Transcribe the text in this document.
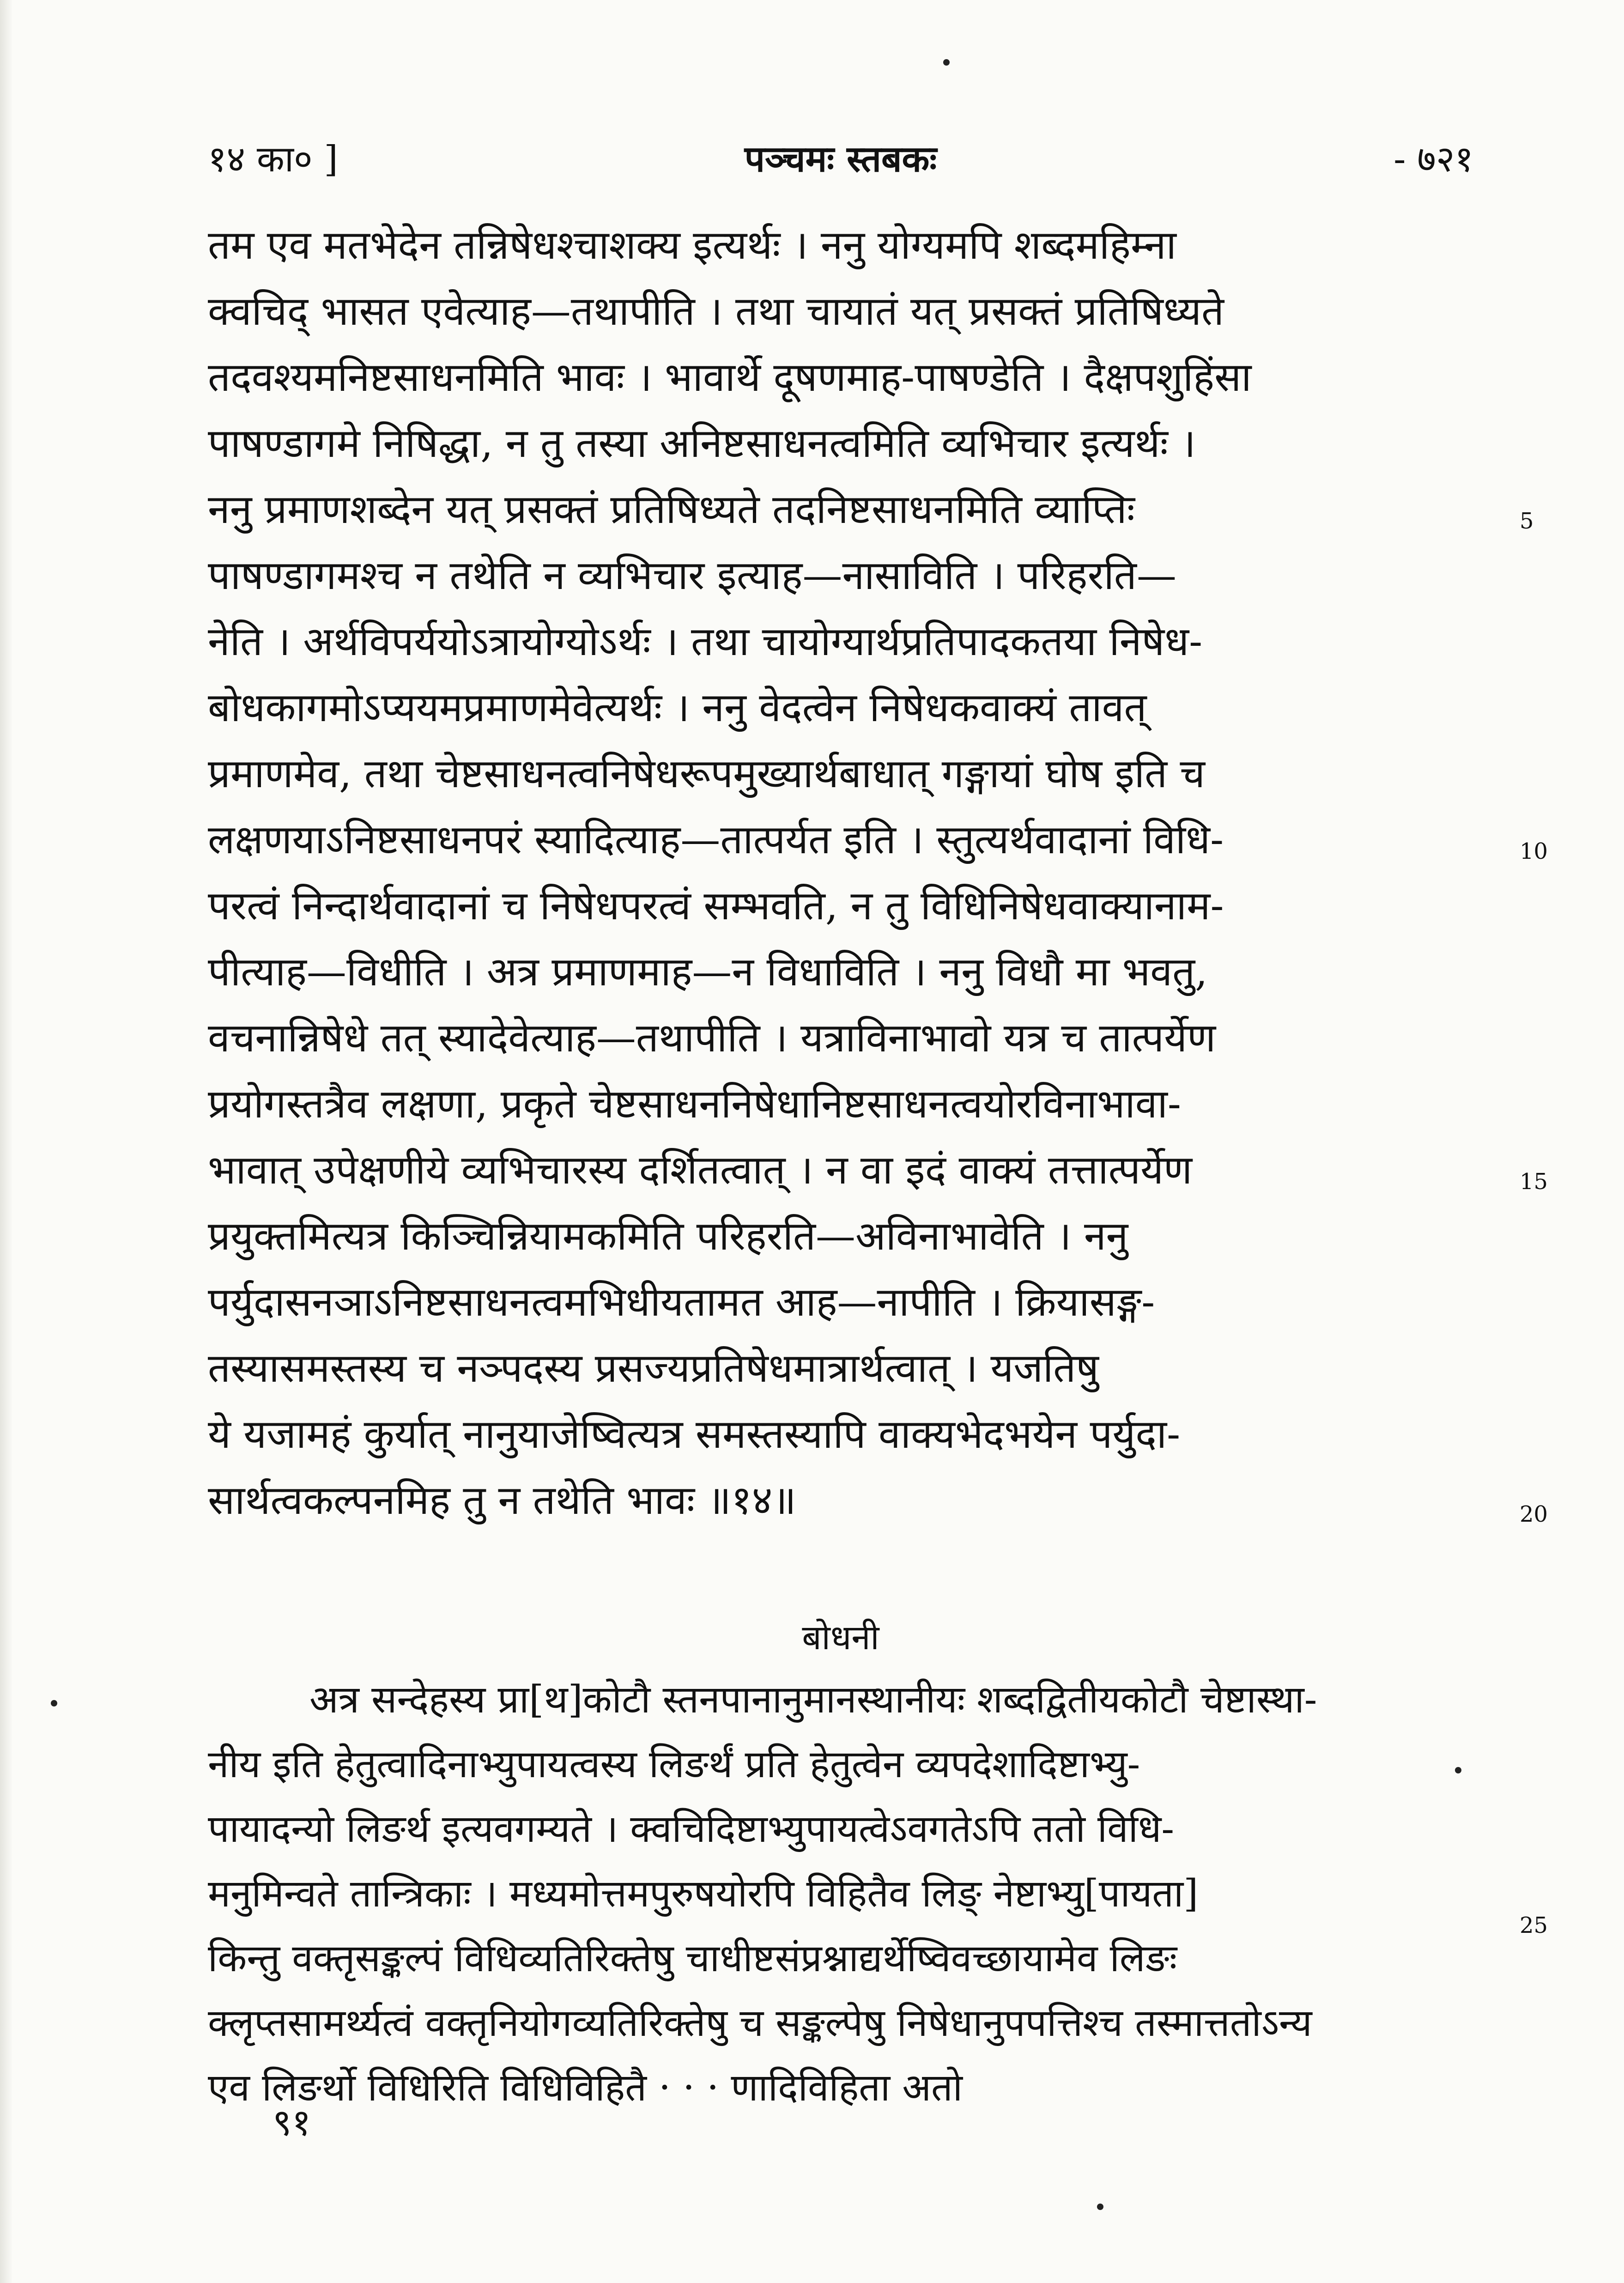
१४ का० ]	पञ्चमः स्तबकः	- ७२१
तम एव मतभेदेन तन्निषेधश्चाशक्य इत्यर्थः । ननु योग्यमपि शब्दमहिम्ना
क्वचिद् भासत एवेत्याह—तथापीति । तथा चायातं यत् प्रसक्तं प्रतिषिध्यते
तदवश्यमनिष्टसाधनमिति भावः । भावार्थे दूषणमाह-पाषण्डेति । दैक्षपशुहिंसा
पाषण्डागमे निषिद्धा, न तु तस्या अनिष्टसाधनत्वमिति व्यभिचार इत्यर्थः ।
ननु प्रमाणशब्देन यत् प्रसक्तं प्रतिषिध्यते तदनिष्टसाधनमिति व्याप्तिः
पाषण्डागमश्च न तथेति न व्यभिचार इत्याह—नासाविति । परिहरति—
नेति । अर्थविपर्ययोऽत्रायोग्योऽर्थः । तथा चायोग्यार्थप्रतिपादकतया निषेध-
बोधकागमोऽप्ययमप्रमाणमेवेत्यर्थः । ननु वेदत्वेन निषेधकवाक्यं तावत्
प्रमाणमेव, तथा चेष्टसाधनत्वनिषेधरूपमुख्यार्थबाधात् गङ्गायां घोष इति च
लक्षणयाऽनिष्टसाधनपरं स्यादित्याह—तात्पर्यत इति । स्तुत्यर्थवादानां विधि-
परत्वं निन्दार्थवादानां च निषेधपरत्वं सम्भवति, न तु विधिनिषेधवाक्यानाम-
पीत्याह—विधीति । अत्र प्रमाणमाह—न विधाविति । ननु विधौ मा भवतु,
वचनान्निषेधे तत् स्यादेवेत्याह—तथापीति । यत्राविनाभावो यत्र च तात्पर्येण
प्रयोगस्तत्रैव लक्षणा, प्रकृते चेष्टसाधननिषेधानिष्टसाधनत्वयोरविनाभावा-
भावात् उपेक्षणीये व्यभिचारस्य दर्शितत्वात् । न वा इदं वाक्यं तत्तात्पर्येण
प्रयुक्तमित्यत्र किञ्चिन्नियामकमिति परिहरति—अविनाभावेति । ननु
पर्युदासनञाऽनिष्टसाधनत्वमभिधीयतामत आह—नापीति । क्रियासङ्ग-
तस्यासमस्तस्य च नञ्पदस्य प्रसज्यप्रतिषेधमात्रार्थत्वात् । यजतिषु
ये यजामहं कुर्यात् नानुयाजेष्वित्यत्र समस्तस्यापि वाक्यभेदभयेन पर्युदा-
सार्थत्वकल्पनमिह तु न तथेति भावः ॥१४॥
5
10
15
20
25
बोधनी
अत्र सन्देहस्य प्रा[थ]कोटौ स्तनपानानुमानस्थानीयः शब्दद्वितीयकोटौ चेष्टास्था-
नीय इति हेतुत्वादिनाभ्युपायत्वस्य लिङर्थं प्रति हेतुत्वेन व्यपदेशादिष्टाभ्यु-
पायादन्यो लिङर्थ इत्यवगम्यते । क्वचिदिष्टाभ्युपायत्वेऽवगतेऽपि ततो विधि-
मनुमिन्वते तान्त्रिकाः । मध्यमोत्तमपुरुषयोरपि विहितैव लिङ् नेष्टाभ्यु[पायता]
किन्तु वक्तृसङ्कल्पं विधिव्यतिरिक्तेषु चाधीष्टसंप्रश्नाद्यर्थेष्विवच्छायामेव लिङः
क्लृप्तसामर्थ्यत्वं वक्तृनियोगव्यतिरिक्तेषु च सङ्कल्पेषु निषेधानुपपत्तिश्च तस्मात्ततोऽन्य
एव लिङर्थो विधिरिति विधिविहितै · · · णादिविहिता अतो
९१
